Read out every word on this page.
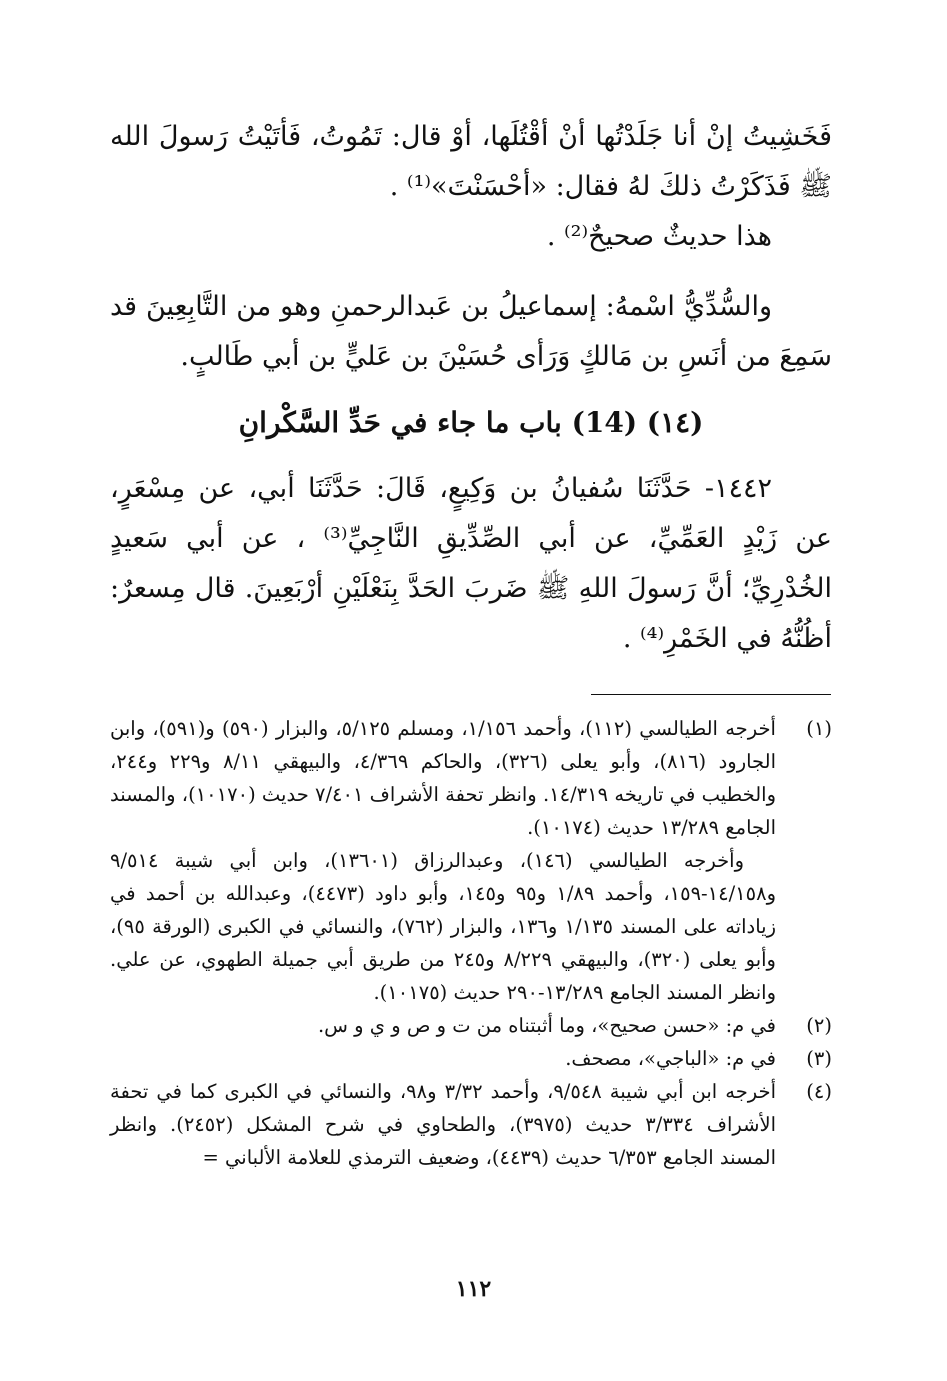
فَخَشِيتُ إنْ أنا جَلَدْتُها أنْ أقْتُلَها، أوْ قال: تَمُوتُ، فَأتَيْتُ رَسولَ الله ﷺ فَذَكَرْتُ ذلكَ لهُ فقال: «أحْسَنْتَ»⁽¹⁾ .

هذا حديثٌ صحيحٌ⁽²⁾ .

والسُّدِّيُّ اسْمهُ: إسماعيلُ بن عَبدالرحمنِ وهو من التَّابِعِينَ قد سَمِعَ من أنَسِ بن مَالكٍ وَرَأى حُسَيْنَ بن عَليٍّ بن أبي طَالبٍ.

(١٤) (14) باب ما جاء في حَدِّ السَّكْرانِ

١٤٤٢- حَدَّثَنَا سُفيانُ بن وَكِيعٍ، قَالَ: حَدَّثَنَا أبي، عن مِسْعَرٍ، عن زَيْدٍ العَمِّيِّ، عن أبي الصِّدِّيقِ النَّاجِيِّ⁽³⁾ ، عن أبي سَعيدٍ الخُدْرِيِّ؛ أنَّ رَسولَ اللهِ ﷺ ضَربَ الحَدَّ بِنَعْلَيْنِ أرْبَعِينَ. قال مِسعرٌ: أظُنُّهُ في الخَمْرِ⁽⁴⁾ .

(١)

أخرجه الطيالسي (١١٢)، وأحمد ١/١٥٦، ومسلم ٥/١٢٥، والبزار (٥٩٠) و(٥٩١)، وابن الجارود (٨١٦)، وأبو يعلى (٣٢٦)، والحاكم ٤/٣٦٩، والبيهقي ٨/١١ و٢٢٩ و٢٤٤، والخطيب في تاريخه ١٤/٣١٩. وانظر تحفة الأشراف ٧/٤٠١ حديث (١٠١٧٠)، والمسند الجامع ١٣/٢٨٩ حديث (١٠١٧٤).

وأخرجه الطيالسي (١٤٦)، وعبدالرزاق (١٣٦٠١)، وابن أبي شيبة ٩/٥١٤ و١٤/١٥٨-١٥٩، وأحمد ١/٨٩ و٩٥ و١٤٥، وأبو داود (٤٤٧٣)، وعبدالله بن أحمد في زياداته على المسند ١/١٣٥ و١٣٦، والبزار (٧٦٢)، والنسائي في الكبرى (الورقة ٩٥)، وأبو يعلى (٣٢٠)، والبيهقي ٨/٢٢٩ و٢٤٥ من طريق أبي جميلة الطهوي، عن علي. وانظر المسند الجامع ١٣/٢٨٩-٢٩٠ حديث (١٠١٧٥).

(٢)

في م: «حسن صحيح»، وما أثبتناه من ت و ص و ي و س.

(٣)

في م: «الباجي»، مصحف.

(٤)

أخرجه ابن أبي شيبة ٩/٥٤٨، وأحمد ٣/٣٢ و٩٨، والنسائي في الكبرى كما في تحفة الأشراف ٣/٣٣٤ حديث (٣٩٧٥)، والطحاوي في شرح المشكل (٢٤٥٢). وانظر المسند الجامع ٦/٣٥٣ حديث (٤٤٣٩)، وضعيف الترمذي للعلامة الألباني =

١١٢
